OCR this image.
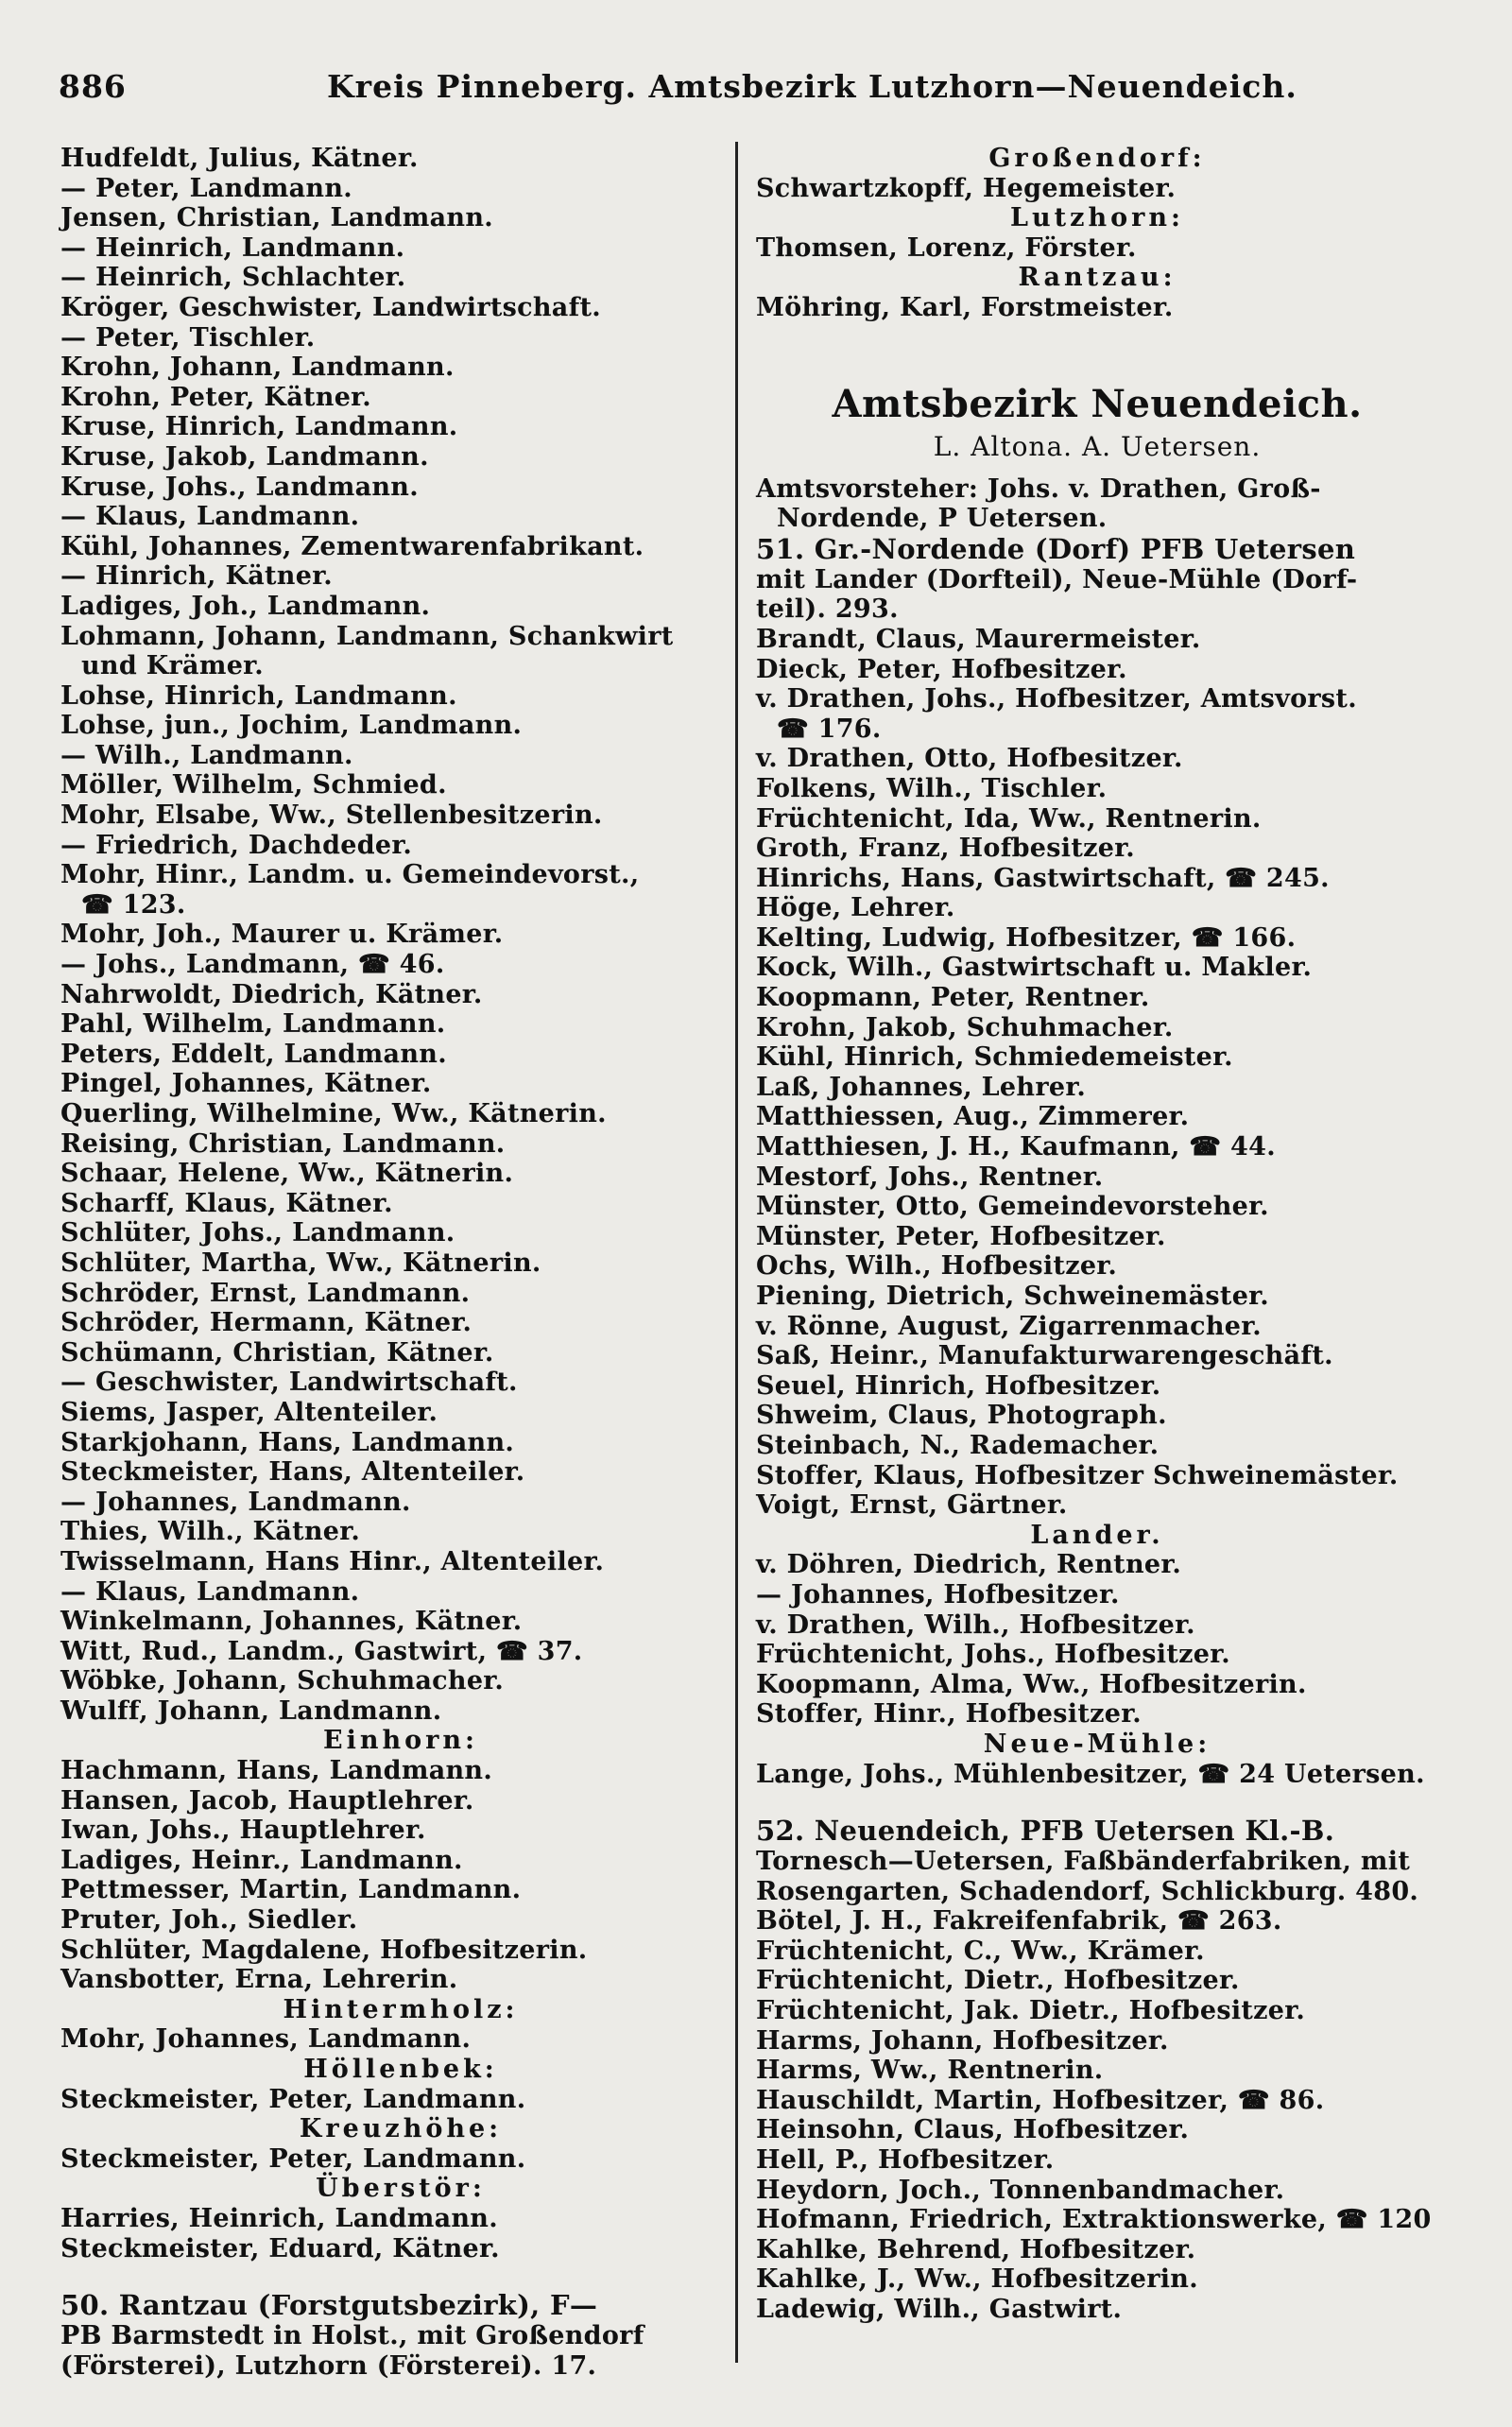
886	Kreis Pinneberg. Amtsbezirk Lutzhorn—Neuendeich.
Hudfeldt, Julius, Kätner.
— Peter, Landmann.
Jensen, Christian, Landmann.
— Heinrich, Landmann.
— Heinrich, Schlachter.
Kröger, Geschwister, Landwirtschaft.
— Peter, Tischler.
Krohn, Johann, Landmann.
Krohn, Peter, Kätner.
Kruse, Hinrich, Landmann.
Kruse, Jakob, Landmann.
Kruse, Johs., Landmann.
— Klaus, Landmann.
Kühl, Johannes, Zementwarenfabrikant.
— Hinrich, Kätner.
Ladiges, Joh., Landmann.
Lohmann, Johann, Landmann, Schankwirt
und Krämer.
Lohse, Hinrich, Landmann.
Lohse, jun., Jochim, Landmann.
— Wilh., Landmann.
Möller, Wilhelm, Schmied.
Mohr, Elsabe, Ww., Stellenbesitzerin.
— Friedrich, Dachdeder.
Mohr, Hinr., Landm. u. Gemeindevorst.,
☎ 123.
Mohr, Joh., Maurer u. Krämer.
— Johs., Landmann, ☎ 46.
Nahrwoldt, Diedrich, Kätner.
Pahl, Wilhelm, Landmann.
Peters, Eddelt, Landmann.
Pingel, Johannes, Kätner.
Querling, Wilhelmine, Ww., Kätnerin.
Reising, Christian, Landmann.
Schaar, Helene, Ww., Kätnerin.
Scharff, Klaus, Kätner.
Schlüter, Johs., Landmann.
Schlüter, Martha, Ww., Kätnerin.
Schröder, Ernst, Landmann.
Schröder, Hermann, Kätner.
Schümann, Christian, Kätner.
— Geschwister, Landwirtschaft.
Siems, Jasper, Altenteiler.
Starkjohann, Hans, Landmann.
Steckmeister, Hans, Altenteiler.
— Johannes, Landmann.
Thies, Wilh., Kätner.
Twisselmann, Hans Hinr., Altenteiler.
— Klaus, Landmann.
Winkelmann, Johannes, Kätner.
Witt, Rud., Landm., Gastwirt, ☎ 37.
Wöbke, Johann, Schuhmacher.
Wulff, Johann, Landmann.
Einhorn:
Hachmann, Hans, Landmann.
Hansen, Jacob, Hauptlehrer.
Iwan, Johs., Hauptlehrer.
Ladiges, Heinr., Landmann.
Pettmesser, Martin, Landmann.
Pruter, Joh., Siedler.
Schlüter, Magdalene, Hofbesitzerin.
Vansbotter, Erna, Lehrerin.
Hintermholz:
Mohr, Johannes, Landmann.
Höllenbek:
Steckmeister, Peter, Landmann.
Kreuzhöhe:
Steckmeister, Peter, Landmann.
Überstör:
Harries, Heinrich, Landmann.
Steckmeister, Eduard, Kätner.
50. Rantzau (Forstgutsbezirk), F—
PB Barmstedt in Holst., mit Großendorf
(Försterei), Lutzhorn (Försterei). 17.
Großendorf:
Schwartzkopff, Hegemeister.
Lutzhorn:
Thomsen, Lorenz, Förster.
Rantzau:
Möhring, Karl, Forstmeister.
Amtsbezirk Neuendeich.
L. Altona. A. Uetersen.
Amtsvorsteher: Johs. v. Drathen, Groß-
Nordende, P Uetersen.
51. Gr.-Nordende (Dorf) PFB Uetersen
mit Lander (Dorfteil), Neue-Mühle (Dorf-
teil). 293.
Brandt, Claus, Maurermeister.
Dieck, Peter, Hofbesitzer.
v. Drathen, Johs., Hofbesitzer, Amtsvorst.
☎ 176.
v. Drathen, Otto, Hofbesitzer.
Folkens, Wilh., Tischler.
Früchtenicht, Ida, Ww., Rentnerin.
Groth, Franz, Hofbesitzer.
Hinrichs, Hans, Gastwirtschaft, ☎ 245.
Höge, Lehrer.
Kelting, Ludwig, Hofbesitzer, ☎ 166.
Kock, Wilh., Gastwirtschaft u. Makler.
Koopmann, Peter, Rentner.
Krohn, Jakob, Schuhmacher.
Kühl, Hinrich, Schmiedemeister.
Laß, Johannes, Lehrer.
Matthiessen, Aug., Zimmerer.
Matthiesen, J. H., Kaufmann, ☎ 44.
Mestorf, Johs., Rentner.
Münster, Otto, Gemeindevorsteher.
Münster, Peter, Hofbesitzer.
Ochs, Wilh., Hofbesitzer.
Piening, Dietrich, Schweinemäster.
v. Rönne, August, Zigarrenmacher.
Saß, Heinr., Manufakturwarengeschäft.
Seuel, Hinrich, Hofbesitzer.
Shweim, Claus, Photograph.
Steinbach, N., Rademacher.
Stoffer, Klaus, Hofbesitzer Schweinemäster.
Voigt, Ernst, Gärtner.
Lander.
v. Döhren, Diedrich, Rentner.
— Johannes, Hofbesitzer.
v. Drathen, Wilh., Hofbesitzer.
Früchtenicht, Johs., Hofbesitzer.
Koopmann, Alma, Ww., Hofbesitzerin.
Stoffer, Hinr., Hofbesitzer.
Neue-Mühle:
Lange, Johs., Mühlenbesitzer, ☎ 24 Uetersen.
52. Neuendeich, PFB Uetersen Kl.-B.
Tornesch—Uetersen, Faßbänderfabriken, mit
Rosengarten, Schadendorf, Schlickburg. 480.
Bötel, J. H., Fakreifenfabrik, ☎ 263.
Früchtenicht, C., Ww., Krämer.
Früchtenicht, Dietr., Hofbesitzer.
Früchtenicht, Jak. Dietr., Hofbesitzer.
Harms, Johann, Hofbesitzer.
Harms, Ww., Rentnerin.
Hauschildt, Martin, Hofbesitzer, ☎ 86.
Heinsohn, Claus, Hofbesitzer.
Hell, P., Hofbesitzer.
Heydorn, Joch., Tonnenbandmacher.
Hofmann, Friedrich, Extraktionswerke, ☎ 120
Kahlke, Behrend, Hofbesitzer.
Kahlke, J., Ww., Hofbesitzerin.
Ladewig, Wilh., Gastwirt.
